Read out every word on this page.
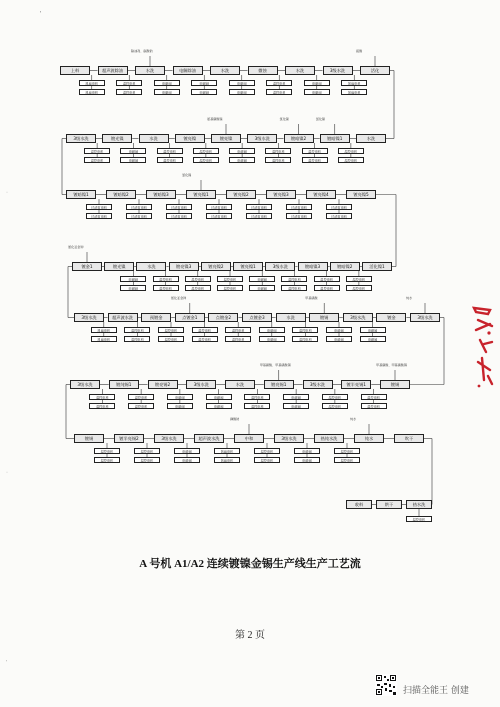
'
·
·
'
上料	超声波除油	水洗
除油剂、碳酸钠
电解除油	水洗	微蚀	水洗	3级水洗	活化
硫酸
风扇电机
风扇电机
温控电机
温控电机
电磁阀
电磁阀
电磁阀
电磁阀
电磁阀
电磁阀
温控电机
温控电机
电磁阀
电磁阀
风扇电机
风扇电机
水洗
镀暗镍1
氯化镍
镀暗镍2
氯化镍
3级水洗
镀亮镍
氨基磺酸镍
镀亮镍
水洗
镀光镍
3级水洗
温控电机
温控电机
温控电机
温控电机
温控电机
温控电机
电磁阀
电磁阀
温控电机
温控电机
温控电机
温控电机
电磁阀
电磁阀
温控电机
温控电机
镀暗镍1	镀暗镍2	镀暗镍3	镀亮镍1
氯化镍
镀亮镍2	镀亮镍3	镀亮镍4	镀亮镍5
过滤泵电机
过滤泵电机
过滤泵电机
过滤泵电机
过滤泵电机
过滤泵电机
过滤泵电机
过滤泵电机
过滤泵电机
过滤泵电机
过滤泵电机
过滤泵电机
过滤泵电机
过滤泵电机
活化镍1
镀暗镍2
镀暗镍3
3级水洗
镀亮镍1
镀亮镍2
镀亮镍3
水洗
镀光镍
镀金1
氰化亚金钾
温控电机
温控电机
温控电机
温控电机
温控电机
温控电机
电磁阀
电磁阀
温控电机
温控电机
温控电机
温控电机
温控电机
温控电机
电磁阀
电磁阀
3级水洗	超声波水洗	预镀金	点镀金1
氰化亚金钾
点镀金2	点镀金3	水洗	镀锡
甲基磺酸
3级水洗	镀金	3级水洗
纯水
风扇电机
风扇电机
温控电机
温控电机
温控电机
温控电机
温控电机
温控电机
温控电机
温控电机
电磁阀
电磁阀
温控电机
温控电机
电磁阀
电磁阀
电磁阀
电磁阀
镀锡
甲基磺酸、甲基磺酸锡
镀半亮锡1
3级水洗
镀亮锡1
甲基磺酸、甲基磺酸锡
水洗
3级水洗
镀亮锡2
镀纯锡1
3级水洗
温控电机
温控电机
温控电机
温控电机
电磁阀
电磁阀
温控电机
温控电机
电磁阀
电磁阀
电磁阀
电磁阀
温控电机
温控电机
温控电机
温控电机
镀锡	镀半亮锡2	3级水洗	超声波水洗	中和
磷酸钠
3级水洗	热纯水洗	纯水
纯水
吹干
温控电机
温控电机
温控电机
温控电机
电磁阀
电磁阀
风扇电机
风扇电机
温控电机
温控电机
电磁阀
电磁阀
温控电机
温控电机
收料	烘干	热水洗
温控电机
A 号机 A1/A2 连续镀镍金锡生产线生产工艺流
第 2 页
扫描全能王 创建
